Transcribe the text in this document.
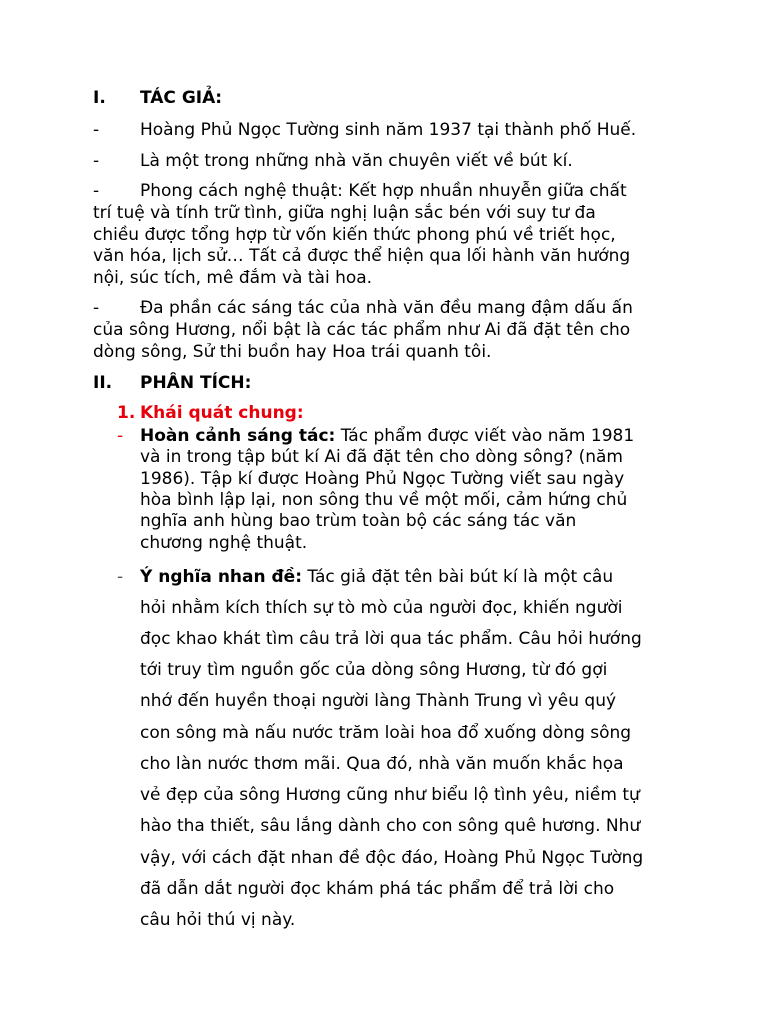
I. TÁC GIẢ:
- Hoàng Phủ Ngọc Tường sinh năm 1937 tại thành phố Huế.
- Là một trong những nhà văn chuyên viết về bút kí.
- Phong cách nghệ thuật: Kết hợp nhuần nhuyễn giữa chất
trí tuệ và tính trữ tình, giữa nghị luận sắc bén với suy tư đa
chiều được tổng hợp từ vốn kiến thức phong phú về triết học,
văn hóa, lịch sử… Tất cả được thể hiện qua lối hành văn hướng
nội, súc tích, mê đắm và tài hoa.
- Đa phần các sáng tác của nhà văn đều mang đậm dấu ấn
của sông Hương, nổi bật là các tác phẩm như Ai đã đặt tên cho
dòng sông, Sử thi buồn hay Hoa trái quanh tôi.
II. PHÂN TÍCH:
1. Khái quát chung:
- Hoàn cảnh sáng tác: Tác phẩm được viết vào năm 1981
và in trong tập bút kí Ai đã đặt tên cho dòng sông? (năm
1986). Tập kí được Hoàng Phủ Ngọc Tường viết sau ngày
hòa bình lập lại, non sông thu về một mối, cảm hứng chủ
nghĩa anh hùng bao trùm toàn bộ các sáng tác văn
chương nghệ thuật.
- Ý nghĩa nhan đề: Tác giả đặt tên bài bút kí là một câu
hỏi nhằm kích thích sự tò mò của người đọc, khiến người
đọc khao khát tìm câu trả lời qua tác phẩm. Câu hỏi hướng
tới truy tìm nguồn gốc của dòng sông Hương, từ đó gợi
nhớ đến huyền thoại người làng Thành Trung vì yêu quý
con sông mà nấu nước trăm loài hoa đổ xuống dòng sông
cho làn nước thơm mãi. Qua đó, nhà văn muốn khắc họa
vẻ đẹp của sông Hương cũng như biểu lộ tình yêu, niềm tự
hào tha thiết, sâu lắng dành cho con sông quê hương. Như
vậy, với cách đặt nhan đề độc đáo, Hoàng Phủ Ngọc Tường
đã dẫn dắt người đọc khám phá tác phẩm để trả lời cho
câu hỏi thú vị này.
